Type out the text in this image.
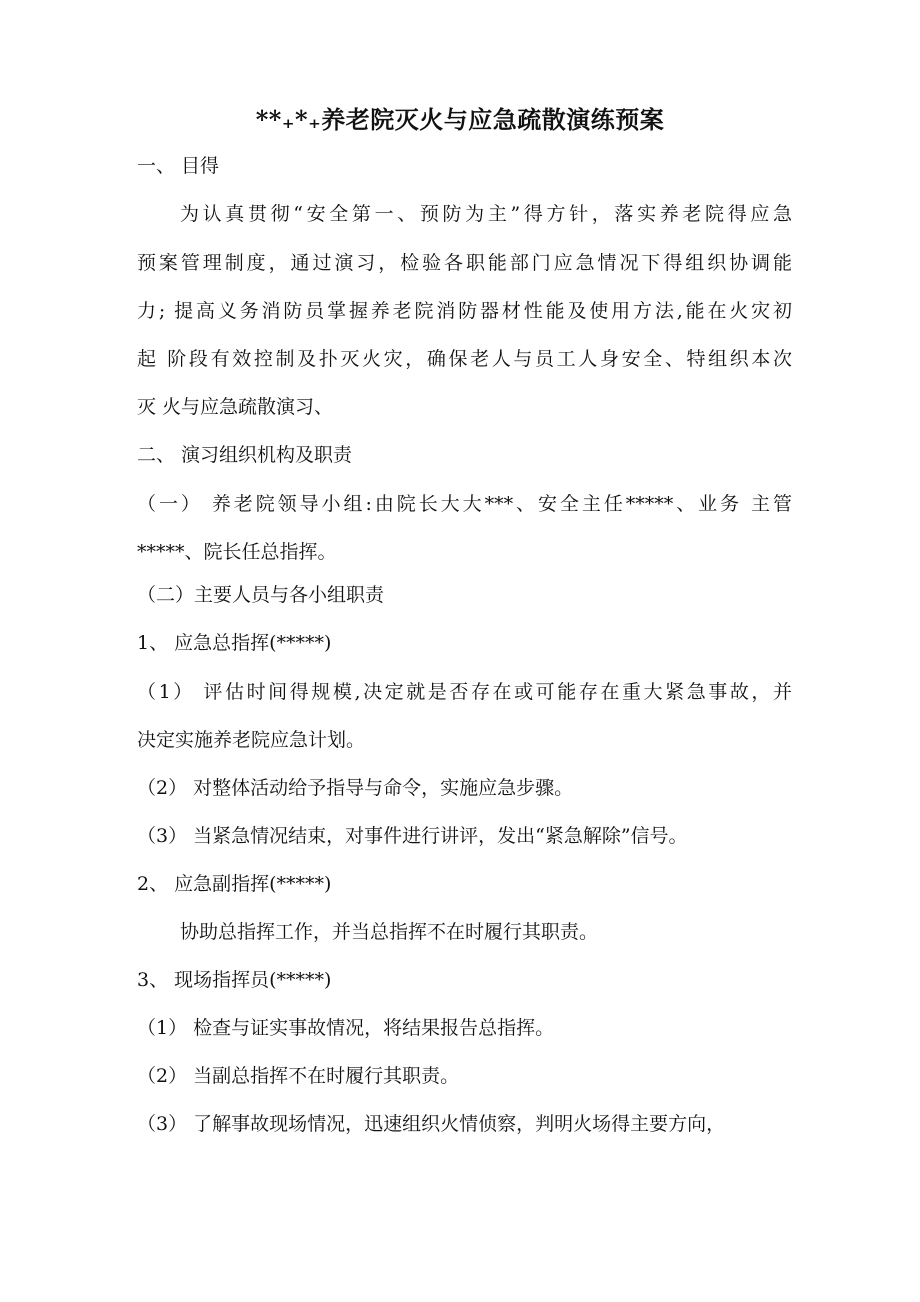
**₊*₊养老院灭火与应急疏散演练预案
一、 目得
为认真贯彻“安全第一、预防为主”得方针，落实养老院得应急
预案管理制度，通过演习，检验各职能部门应急情况下得组织协调能
力; 提高义务消防员掌握养老院消防器材性能及使用方法,能在火灾初
起 阶段有效控制及扑灭火灾，确保老人与员工人身安全、特组织本次
灭 火与应急疏散演习、
二、 演习组织机构及职责
（一） 养老院领导小组:由院长大大***、安全主任*****、业务 主管
*****、院长任总指挥。
（二）主要人员与各小组职责
1、 应急总指挥(*****)
（1） 评估时间得规模,决定就是否存在或可能存在重大紧急事故，并
决定实施养老院应急计划。
（2） 对整体活动给予指导与命令，实施应急步骤。
（3） 当紧急情况结束，对事件进行讲评，发出“紧急解除”信号。
2、 应急副指挥(*****)
协助总指挥工作，并当总指挥不在时履行其职责。
3、 现场指挥员(*****)
（1） 检查与证实事故情况，将结果报告总指挥。
（2） 当副总指挥不在时履行其职责。
（3） 了解事故现场情况，迅速组织火情侦察，判明火场得主要方向，
